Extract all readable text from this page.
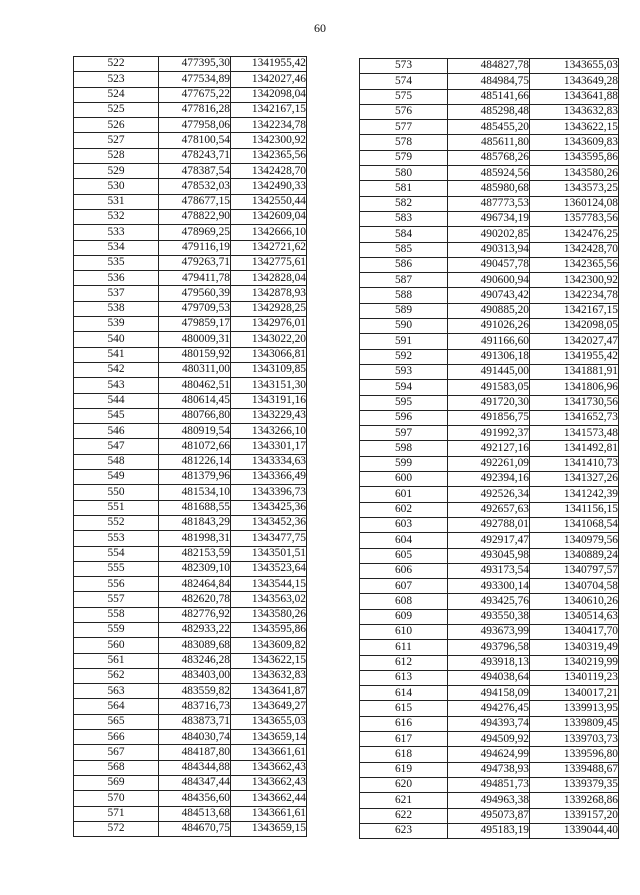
60
522	477395,30	1341955,42
523	477534,89	1342027,46
524	477675,22	1342098,04
525	477816,28	1342167,15
526	477958,06	1342234,78
527	478100,54	1342300,92
528	478243,71	1342365,56
529	478387,54	1342428,70
530	478532,03	1342490,33
531	478677,15	1342550,44
532	478822,90	1342609,04
533	478969,25	1342666,10
534	479116,19	1342721,62
535	479263,71	1342775,61
536	479411,78	1342828,04
537	479560,39	1342878,93
538	479709,53	1342928,25
539	479859,17	1342976,01
540	480009,31	1343022,20
541	480159,92	1343066,81
542	480311,00	1343109,85
543	480462,51	1343151,30
544	480614,45	1343191,16
545	480766,80	1343229,43
546	480919,54	1343266,10
547	481072,66	1343301,17
548	481226,14	1343334,63
549	481379,96	1343366,49
550	481534,10	1343396,73
551	481688,55	1343425,36
552	481843,29	1343452,36
553	481998,31	1343477,75
554	482153,59	1343501,51
555	482309,10	1343523,64
556	482464,84	1343544,15
557	482620,78	1343563,02
558	482776,92	1343580,26
559	482933,22	1343595,86
560	483089,68	1343609,82
561	483246,28	1343622,15
562	483403,00	1343632,83
563	483559,82	1343641,87
564	483716,73	1343649,27
565	483873,71	1343655,03
566	484030,74	1343659,14
567	484187,80	1343661,61
568	484344,88	1343662,43
569	484347,44	1343662,43
570	484356,60	1343662,44
571	484513,68	1343661,61
572	484670,75	1343659,15
573	484827,78	1343655,03
574	484984,75	1343649,28
575	485141,66	1343641,88
576	485298,48	1343632,83
577	485455,20	1343622,15
578	485611,80	1343609,83
579	485768,26	1343595,86
580	485924,56	1343580,26
581	485980,68	1343573,25
582	487773,53	1360124,08
583	496734,19	1357783,56
584	490202,85	1342476,25
585	490313,94	1342428,70
586	490457,78	1342365,56
587	490600,94	1342300,92
588	490743,42	1342234,78
589	490885,20	1342167,15
590	491026,26	1342098,05
591	491166,60	1342027,47
592	491306,18	1341955,42
593	491445,00	1341881,91
594	491583,05	1341806,96
595	491720,30	1341730,56
596	491856,75	1341652,73
597	491992,37	1341573,48
598	492127,16	1341492,81
599	492261,09	1341410,73
600	492394,16	1341327,26
601	492526,34	1341242,39
602	492657,63	1341156,15
603	492788,01	1341068,54
604	492917,47	1340979,56
605	493045,98	1340889,24
606	493173,54	1340797,57
607	493300,14	1340704,58
608	493425,76	1340610,26
609	493550,38	1340514,63
610	493673,99	1340417,70
611	493796,58	1340319,49
612	493918,13	1340219,99
613	494038,64	1340119,23
614	494158,09	1340017,21
615	494276,45	1339913,95
616	494393,74	1339809,45
617	494509,92	1339703,73
618	494624,99	1339596,80
619	494738,93	1339488,67
620	494851,73	1339379,35
621	494963,38	1339268,86
622	495073,87	1339157,20
623	495183,19	1339044,40
